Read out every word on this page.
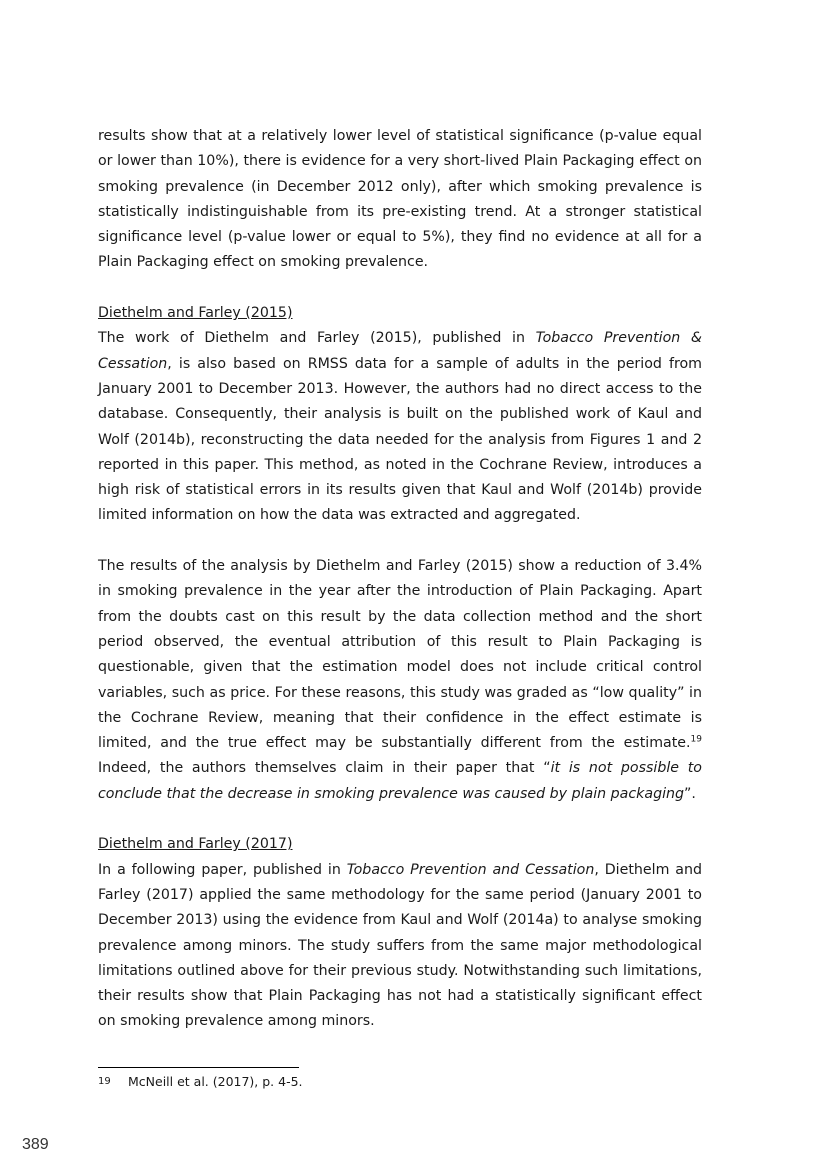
results show that at a relatively lower level of statistical significance (p-value equal or lower than 10%), there is evidence for a very short-lived Plain Packaging effect on smoking prevalence (in December 2012 only), after which smoking prevalence is statistically indistinguishable from its pre-existing trend. At a stronger statistical significance level (p-value lower or equal to 5%), they find no evidence at all for a Plain Packaging effect on smoking prevalence.

Diethelm and Farley (2015)

The work of Diethelm and Farley (2015), published in Tobacco Prevention & Cessation, is also based on RMSS data for a sample of adults in the period from January 2001 to December 2013. However, the authors had no direct access to the database. Consequently, their analysis is built on the published work of Kaul and Wolf (2014b), reconstructing the data needed for the analysis from Figures 1 and 2 reported in this paper. This method, as noted in the Cochrane Review, introduces a high risk of statistical errors in its results given that Kaul and Wolf (2014b) provide limited information on how the data was extracted and aggregated.

The results of the analysis by Diethelm and Farley (2015) show a reduction of 3.4% in smoking prevalence in the year after the introduction of Plain Packaging. Apart from the doubts cast on this result by the data collection method and the short period observed, the eventual attribution of this result to Plain Packaging is questionable, given that the estimation model does not include critical control variables, such as price. For these reasons, this study was graded as “low quality” in the Cochrane Review, meaning that their confidence in the effect estimate is limited, and the true effect may be substantially different from the estimate.$^{19}$  Indeed, the authors themselves claim in their paper that “it is not possible to conclude that the decrease in smoking prevalence was caused by plain packaging”.

Diethelm and Farley (2017)

In a following paper, published in Tobacco Prevention and Cessation, Diethelm and Farley (2017) applied the same methodology for the same period (January 2001 to December 2013) using the evidence from Kaul and Wolf (2014a) to analyse smoking prevalence among minors. The study suffers from the same major methodological limitations outlined above for their previous study. Notwithstanding such limitations, their results show that Plain Packaging has not had a statistically significant effect on smoking prevalence among minors.

19 McNeill et al. (2017), p. 4-5.
389
